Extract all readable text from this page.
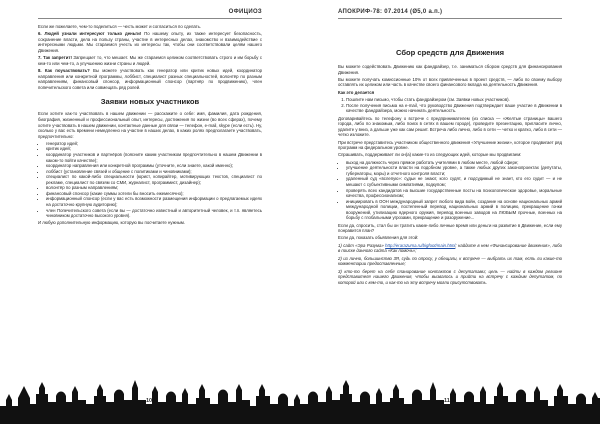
ОФИЦИОЗ

Если же пожелаете, чем-то поделиться — честь может и согласиться по сделать.

6. Людей узнали интересуют только деньги! По нашему опыту, их также интересует безопасность, сохранение власти, дела на пользу страны, участие в интересных делах, знакомство и взаимодействие с интересными людьми. Мы стараемся учесть их интересы так, чтобы они соответствовали целям нашего Движения.

7. Так запретит! Запрещает то, что мешает. Мы же стараемся целиком соответствовать строго и им борьбу с кем-то или чем-то, а улучшению жизни страны и людей.

8. Как поучаствовать? Вы можете участвовать как генератор или критик новых идей, координатор направления или конкретной программы, лоббист, специалист разных специальностей, волонтёр по разным направлениям, финансовый спонсор, информационный спонсор (партнёр по продвижению), член попечительского совета или совмещать ряд ролей.

Заявки новых участников

Если хотите как-то участвовать в нашем движении — расскажите о себе: имя, фамилия, дата рождения, биография, жизненный и профессиональный опыт, интересы, достижения по жизни (во всех сферах), почему хотите участвовать в нашем движении, контактные данные для связи — телефон, e-mail, skype (если есть). Ну, сколько у вас есть времени немедленно на участие в наших делах, в каких ролях предполагаете участвовать, предпочтительно:

• генератор идей;
• критик идей;
• координатор участников и партнёров (поясните каким участником предпочтительно в нашем Движении в каком-то пойти качестве);
• координатор направления или конкретной программы (уточните, если знаете, какой именно);
• лоббист (установление связей и общение с политиками и чиновниками);
• специалист по какой-либо специальности (юрист, копирайтер, мотивирующих текстов, специалист по рекламе, специалист по связям со СМИ, журналист, программист, дизайнер);
• волонтёр по разным направлениям;
• финансовый спонсор (какие суммы хотели бы вносить ежемесячно);
• информационный спонсор (если у вас есть возможности размещения информации о предлагаемых идеях на достаточно крупную аудиторию);
• член Попечительского совета (если вы — достаточно известный и авторитетный человек, и т.п. являетесь чиновником достаточно высокого уровня).

И любую дополнительную информацию, которую вы посчитаете нужным.

10
АПОКРИФ-78: 07.2014 (Ø5,0 а.п.)
Сбор средств для Движения

Вы можете содействовать Движению как фандрайзер, т.е. заниматься сбором средств для финансирования Движения.

Вы можете получать комиссионные 10% от всех привлеченных в проект средств, — либо по своему выбору оставлять их целиком или часть в качестве своего финансового вклада на деятельность Движения.

Как это делается

1. Пошлите нам письмо, чтобы стать фандрайзером (см. Заявки новых участников).
2. После получения письма на e-mail, что руководство Движения подтверждает ваше участие в Движении в качестве фандрайзера, можно начинать деятельность.

Договаривайтесь по телефону о встрече с предпринимателем (из списка — «Желтые страницы» вашего города, либо по знакомым, либо поиск в сетях в вашем городе), проведите презентацию, пригласите лично, удалите у вниз, а дальше уже как сам решит. Встреча либо лично, либо в сети — четко и кратко, либо в сети — четко изложите.

При встрече представитесь участником общественного движения «Улучшение жизни», которое продвигает ряд программ на федеральном уровне.

Спрашивать, поддерживает ли он(а) какие-то из следующих идей, которые мы продвигаем:

• выход на должность через прямое работать учителями в любом месте, любой сфере;
• улучшение деятельности власти на подобном уровне, а также любых других законопроектах (депутаты, губернаторы, мэры) и отчетного контроля власти;
• удаленный суд «вслепую»: судьи не знают, кого судят, и подсудимый не знает, кто его судит — и не мешают с субъективными симпатиями, подкупом;
• проверять всех кандидатов на высшие государственные посты на психологическое здоровье, моральные качества, профессионализм;
• инициировать в ООН международный запрет любого вида войн, создание на основе национальных армий международной полиции, постепенный перевод национальных армий в полицию, прекращение гонки вооружений, утилизацию ядерного оружия, перевод военных заводов на ЛЮБЫМ прочные, военных на борьбу с глобальными угрозами, прекращение и разоружение...

Если да, спросить, стал бы он тратить какие-либо личные время или деньги на развитие в Движение, если ему понравится план?

Если да, показать обьявления для этой:

1) сайт «Эра Разума» http://erarazuma.ru/bigfoot/main.html; найдите в нем «Финансирование движения», либо в поиске данного сайта «Как помочь»;

2) из лично, большинство 3Я, судь по опросу, у обещали, к встрече — выбрать их там, есть ли какие-то комментарии предоставленные;

3) кто-то берет на себя планирование контактов с депутатами; цель — найти в каждом регионе представителя нашего Движения, чтобы вызвалось и прийти на встречу с каждым депутатом, по которой или с кем-то, и как-то на эту встречу могли присутствовать.

11
